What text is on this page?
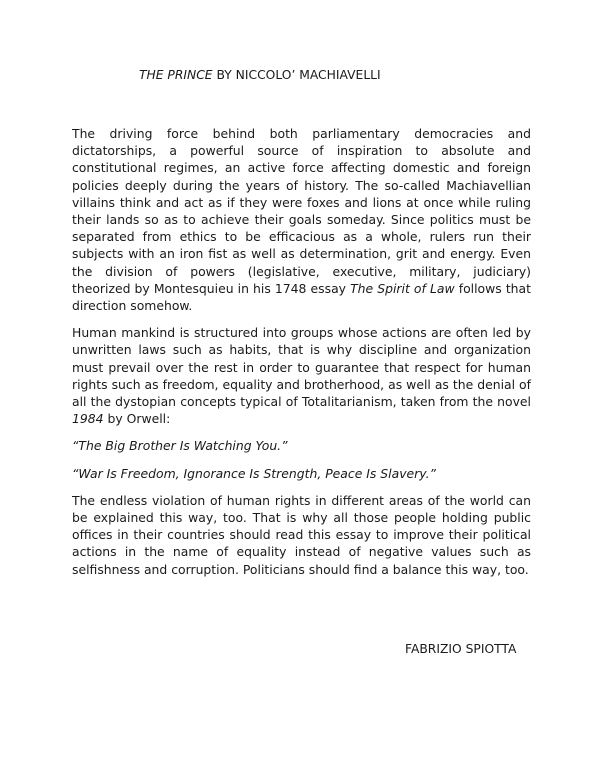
THE PRINCE BY NICCOLO’ MACHIAVELLI

The driving force behind both parliamentary democracies and dictatorships, a powerful source of inspiration to absolute and constitutional regimes, an active force affecting domestic and foreign policies deeply during the years of history. The so-called Machiavellian villains think and act as if they were foxes and lions at once while ruling their lands so as to achieve their goals someday. Since politics must be separated from ethics to be efficacious as a whole, rulers run their subjects with an iron fist as well as determination, grit and energy. Even the division of powers (legislative, executive, military, judiciary) theorized by Montesquieu in his 1748 essay The Spirit of Law follows that direction somehow.

Human mankind is structured into groups whose actions are often led by unwritten laws such as habits, that is why discipline and organization must prevail over the rest in order to guarantee that respect for human rights such as freedom, equality and brotherhood, as well as the denial of all the dystopian concepts typical of Totalitarianism, taken from the novel 1984 by Orwell:

“The Big Brother Is Watching You.”

“War Is Freedom, Ignorance Is Strength, Peace Is Slavery.”

The endless violation of human rights in different areas of the world can be explained this way, too. That is why all those people holding public offices in their countries should read this essay to improve their political actions in the name of equality instead of negative values such as selfishness and corruption. Politicians should find a balance this way, too.

FABRIZIO SPIOTTA
